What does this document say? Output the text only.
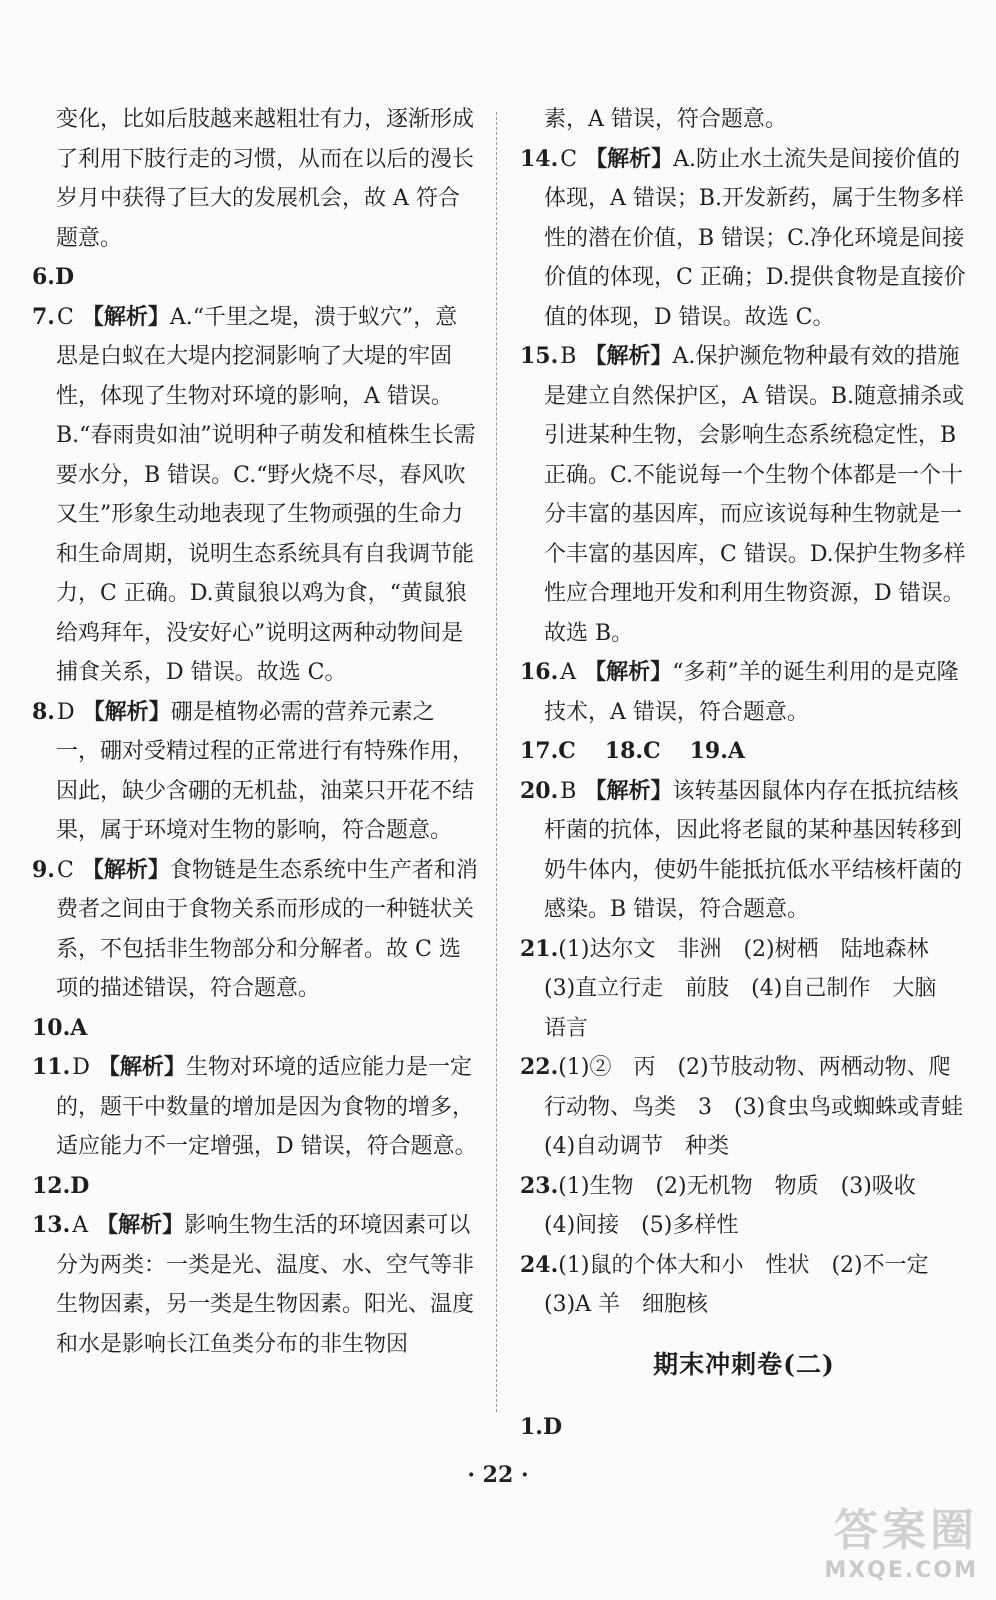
变化，比如后肢越来越粗壮有力，逐渐形成了利用下肢行走的习惯，从而在以后的漫长岁月中获得了巨大的发展机会，故 A 符合题意。

6.D

7.C 【解析】A.“千里之堤，溃于蚁穴”，意思是白蚁在大堤内挖洞影响了大堤的牢固性，体现了生物对环境的影响，A 错误。B.“春雨贵如油”说明种子萌发和植株生长需要水分，B 错误。C.“野火烧不尽，春风吹又生”形象生动地表现了生物顽强的生命力和生命周期，说明生态系统具有自我调节能力，C 正确。D.黄鼠狼以鸡为食，“黄鼠狼给鸡拜年，没安好心”说明这两种动物间是捕食关系，D 错误。故选 C。

8.D 【解析】硼是植物必需的营养元素之一，硼对受精过程的正常进行有特殊作用，因此，缺少含硼的无机盐，油菜只开花不结果，属于环境对生物的影响，符合题意。

9.C 【解析】食物链是生态系统中生产者和消费者之间由于食物关系而形成的一种链状关系，不包括非生物部分和分解者。故 C 选项的描述错误，符合题意。

10.A

11.D 【解析】生物对环境的适应能力是一定的，题干中数量的增加是因为食物的增多，适应能力不一定增强，D 错误，符合题意。

12.D

13.A 【解析】影响生物生活的环境因素可以分为两类：一类是光、温度、水、空气等非生物因素，另一类是生物因素。阳光、温度和水是影响长江鱼类分布的非生物因

素，A 错误，符合题意。

14.C 【解析】A.防止水土流失是间接价值的体现，A 错误；B.开发新药，属于生物多样性的潜在价值，B 错误；C.净化环境是间接价值的体现，C 正确；D.提供食物是直接价值的体现，D 错误。故选 C。

15.B 【解析】A.保护濒危物种最有效的措施是建立自然保护区，A 错误。B.随意捕杀或引进某种生物，会影响生态系统稳定性，B 正确。C.不能说每一个生物个体都是一个十分丰富的基因库，而应该说每种生物就是一个丰富的基因库，C 错误。D.保护生物多样性应合理地开发和利用生物资源，D 错误。故选 B。

16.A 【解析】“多莉”羊的诞生利用的是克隆技术，A 错误，符合题意。

17.C 18.C 19.A

20.B 【解析】该转基因鼠体内存在抵抗结核杆菌的抗体，因此将老鼠的某种基因转移到奶牛体内，使奶牛能抵抗低水平结核杆菌的感染。B 错误，符合题意。

21.(1)达尔文　非洲　(2)树栖　陆地森林　(3)直立行走　前肢　(4)自己制作　大脑　语言

22.(1)②　丙　(2)节肢动物、两栖动物、爬行动物、鸟类　3　(3)食虫鸟或蜘蛛或青蛙　(4)自动调节　种类

23.(1)生物　(2)无机物　物质　(3)吸收　(4)间接　(5)多样性

24.(1)鼠的个体大和小　性状　(2)不一定　(3)A 羊　细胞核

期末冲刺卷(二)

1.D

· 22 ·
答案圈
MXQE.COM
